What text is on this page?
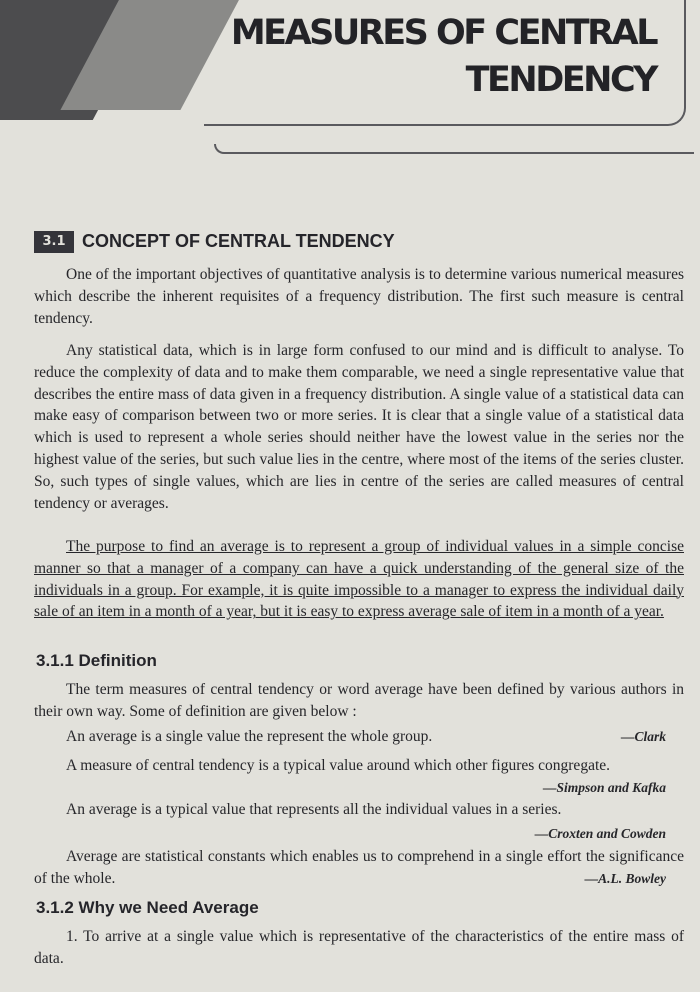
MEASURES OF CENTRAL
TENDENCY
3.1 CONCEPT OF CENTRAL TENDENCY

One of the important objectives of quantitative analysis is to determine various numerical measures which describe the inherent requisites of a frequency distribution. The first such measure is central tendency.

Any statistical data, which is in large form confused to our mind and is difficult to analyse. To reduce the complexity of data and to make them comparable, we need a single representative value that describes the entire mass of data given in a frequency distribution. A single value of a statistical data can make easy of comparison between two or more series. It is clear that a single value of a statistical data which is used to represent a whole series should neither have the lowest value in the series nor the highest value of the series, but such value lies in the centre, where most of the items of the series cluster. So, such types of single values, which are lies in centre of the series are called measures of central tendency or averages.

The purpose to find an average is to represent a group of individual values in a simple concise manner so that a manager of a company can have a quick understanding of the general size of the individuals in a group. For example, it is quite impossible to a manager to express the individual daily sale of an item in a month of a year, but it is easy to express average sale of item in a month of a year.

3.1.1 Definition

The term measures of central tendency or word average have been defined by various authors in their own way. Some of definition are given below :

An average is a single value the represent the whole group.	—Clark
A measure of central tendency is a typical value around which other figures congregate.
—Simpson and Kafka
An average is a typical value that represents all the individual values in a series.
—Croxten and Cowden
Average are statistical constants which enables us to comprehend in a single effort the significance of the whole.	—A.L. Bowley
3.1.2 Why we Need Average

1. To arrive at a single value which is representative of the characteristics of the entire mass of data.
